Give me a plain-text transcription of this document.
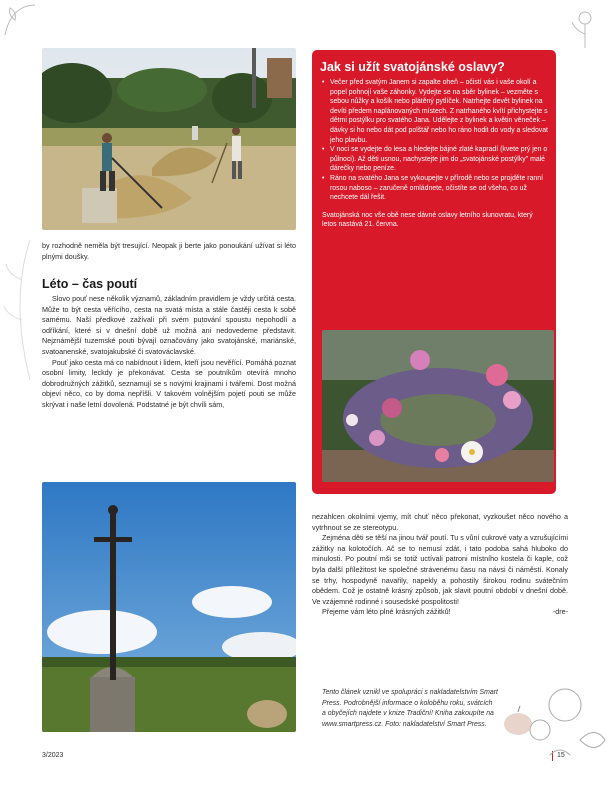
by rozhodně neměla být tresující. Neopak ji berte jako ponoukání užívat si léto plnými doušky.

Léto – čas poutí

Slovo pouť nese několik významů, základním pravidlem je vždy určitá cesta. Může to být cesta věřícího, cesta na svatá místa a stále častěji cesta k sobě samému. Naší předkové zažívali při svém putování spoustu nepohodlí a odříkání, které si v dnešní době už možná ani nedovedeme představit. Nejznámější tuzemské pouti bývají označovány jako svatojánské, mariánské, svatoanenské, svatojakubské či svatováclavské.

Pouť jako cesta má co nabídnout i lidem, kteří jsou nevěřící. Pomáhá poznat osobní limity, leckdy je překonávat. Cesta se poutníkům otevírá mnoho dobrodružných zážitků, seznamují se s novými krajinami i tvářemi. Dost možná objeví něco, co by doma nepříšli. V takovém volnějším pojetí pouti se může skrývat i naše letní dovolená. Podstatné je být chvíli sám,

Jak si užít svatojánské oslavy?
• Večer před svatým Janem si zapalte oheň – očistí vás i vaše okolí a popel pohnojí vaše záhonky. Vydejte se na sběr bylinek – vezměte s sebou nůžky a košík nebo plátěný pytlíček. Natrhejte devět bylinek na devíti předem naplánovaných místech. Z natrhaného kvítí přichystejte s dětmi postýlku pro svatého Jana. Udělejte z bylinek a květin věneček – dávky si ho nebo dát pod polštář nebo ho ráno hodit do vody a sledovat jeho plavbu.
• V noci se vydejte do lesa a hledejte bájné zlaté kapradí (kvete prý jen o půlnoci). Až děti usnou, nachystejte jim do „svatojánské postýlky" malé dárečky nebo peníze.
• Ráno na svatého Jana se vykoupejte v přírodě nebo se projděte ranní rosou naboso – zaručeně omládnete, očistíte se od všeho, co už nechcete dál řešit.
Svatojánská noc vše obě nese dávné oslavy letního slunovratu, který letos nastává 21. června.

nezahlcen okolními vjemy, mít chuť něco překonat, vyzkoušet něco nového a vytrhnout se ze stereotypu.

Zejména děti se těší na jinou tvář poutí. Tu s vůní cukrové vaty a vzrušujícími zážitky na kolotočích. Ač se to nemusí zdát, i tato podoba sahá hluboko do minulosti. Po poutní mši se totiž uctívali patroni místního kostela či kaple, což byla další příležitost ke společné strávenému času na návsi či náměstí. Konaly se trhy, hospodyně navařily, napekly a pohostily širokou rodinu svátečním obědem. Což je ostatně krásný způsob, jak slavit poutní období v dnešní době. Ve vzájemné rodinné i sousedské pospolitosti!

Přejeme vám léto plné krásných zážitků!	-dre-

Tento článek vznikl ve spolupráci s nakladatelstvím Smart Press. Podrobnější informace o koloběhu roku, svátcích a obyčejích najdete v knize Tradiční! Kniha zakoupíte na www.smartpress.cz. Foto: nakladatelství Smart Press.
3/2023	15
